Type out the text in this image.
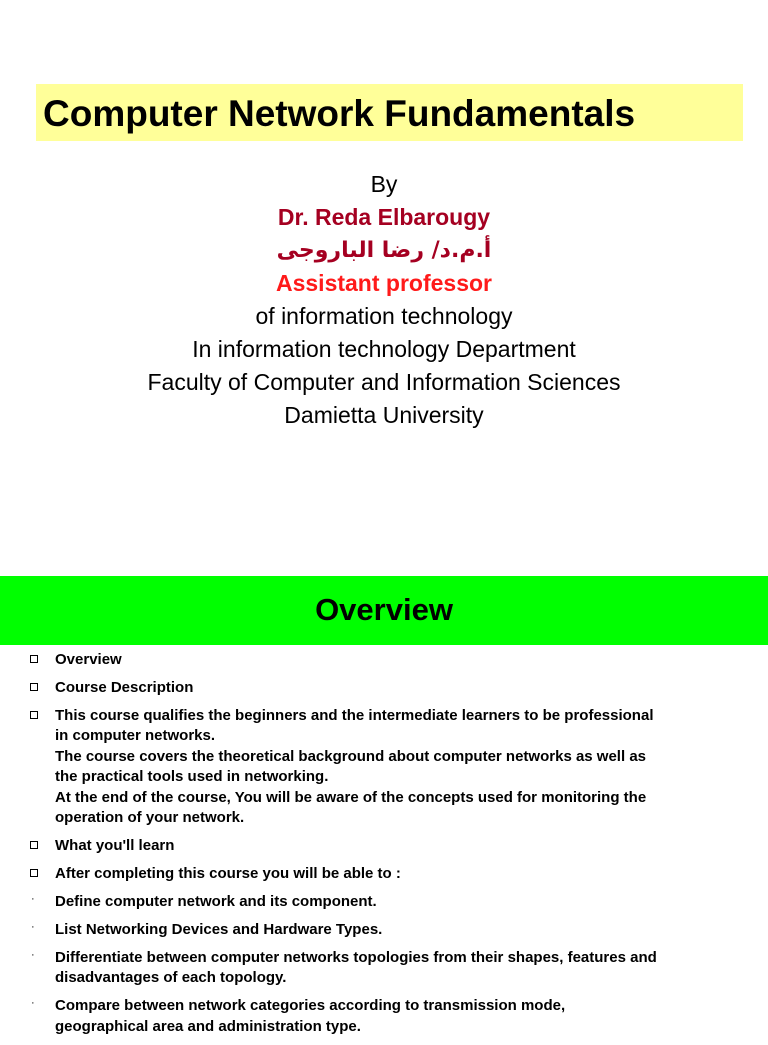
Computer Network Fundamentals
By
Dr. Reda Elbarougy
أ.م.د/ رضا الباروجى
Assistant professor
of information technology
In information technology Department
Faculty of Computer and Information Sciences
Damietta University
Overview
Overview
Course Description
This course qualifies the beginners and the intermediate learners to be professional
in computer networks.
The course covers the theoretical background about computer networks as well as
the practical tools used in networking.
At the end of the course, You will be aware of the concepts used for monitoring the
operation of your network.
What you'll learn
After completing this course you will be able to :
· Define computer network and its component.
· List Networking Devices and Hardware Types.
· Differentiate between computer networks topologies from their shapes, features and
disadvantages of each topology.
· Compare between network categories according to transmission mode,
geographical area and administration type.
